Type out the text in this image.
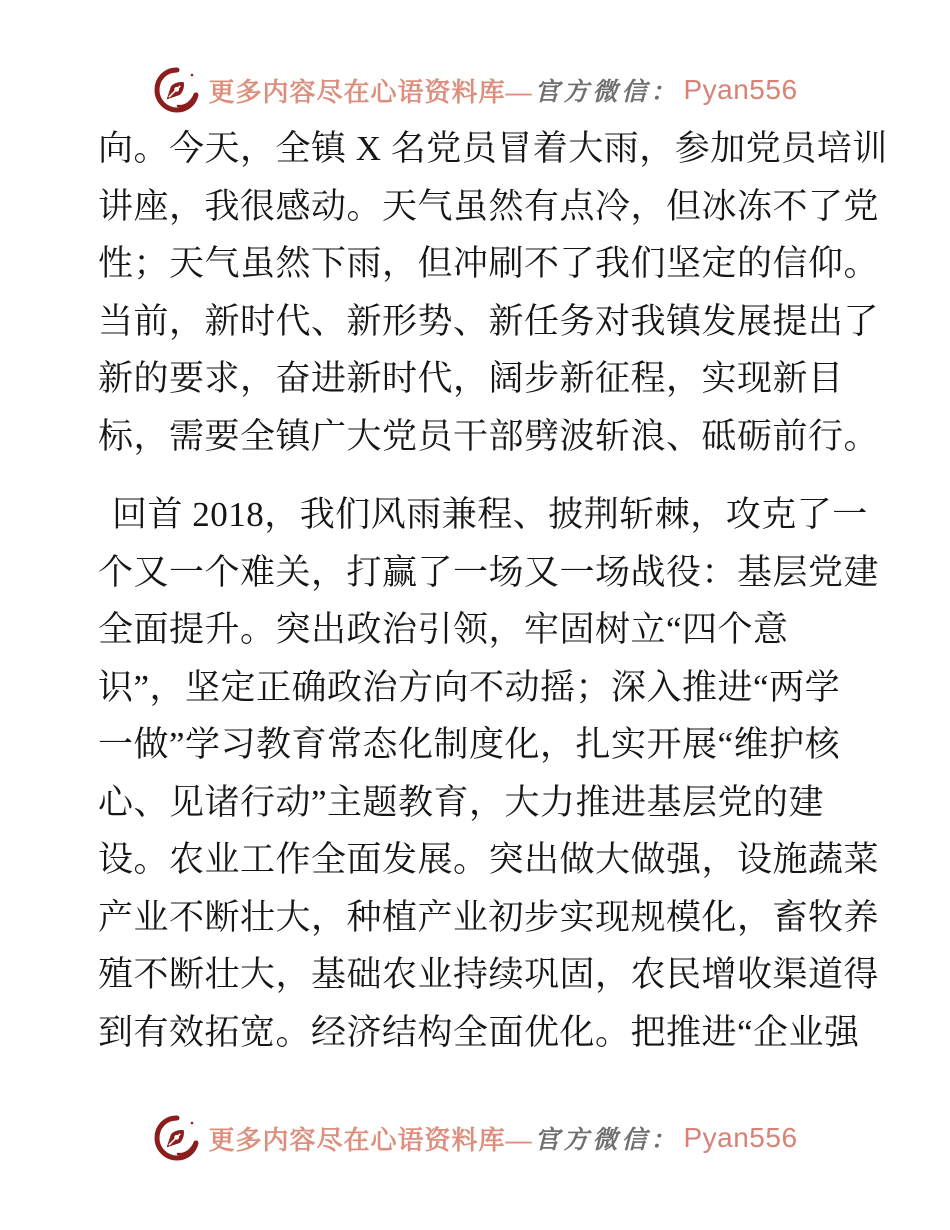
更多内容尽在心语资料库— 官方微信： Pyan556
向。今天，全镇 X 名党员冒着大雨，参加党员培训
讲座，我很感动。天气虽然有点冷，但冰冻不了党
性；天气虽然下雨，但冲刷不了我们坚定的信仰。
当前，新时代、新形势、新任务对我镇发展提出了
新的要求，奋进新时代，阔步新征程，实现新目
标，需要全镇广大党员干部劈波斩浪、砥砺前行。
回首 2018，我们风雨兼程、披荆斩棘，攻克了一
个又一个难关，打赢了一场又一场战役：基层党建
全面提升。突出政治引领，牢固树立“四个意
识”，坚定正确政治方向不动摇；深入推进“两学
一做”学习教育常态化制度化，扎实开展“维护核
心、见诸行动”主题教育，大力推进基层党的建
设。农业工作全面发展。突出做大做强，设施蔬菜
产业不断壮大，种植产业初步实现规模化，畜牧养
殖不断壮大，基础农业持续巩固，农民增收渠道得
到有效拓宽。经济结构全面优化。把推进“企业强
更多内容尽在心语资料库— 官方微信： Pyan556
